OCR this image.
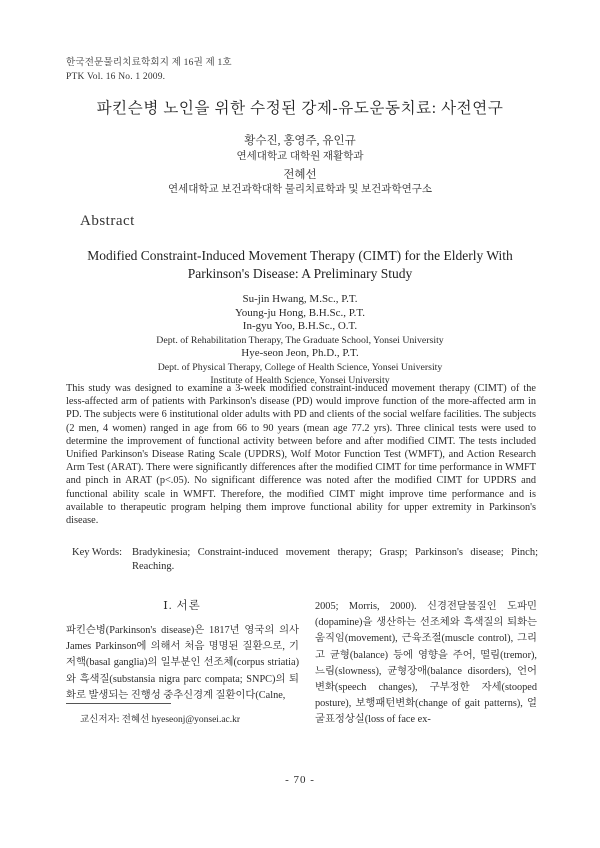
한국전문물리치료학회지 제 16권 제 1호
PTK Vol. 16 No. 1 2009.
파킨슨병 노인을 위한 수정된 강제-유도운동치료: 사전연구
황수진, 홍영주, 유인규
연세대학교 대학원 재활학과
전혜선
연세대학교 보건과학대학 물리치료학과 및 보건과학연구소
Abstract
Modified Constraint-Induced Movement Therapy (CIMT) for the Elderly With
Parkinson's Disease: A Preliminary Study
Su-jin Hwang, M.Sc., P.T.
Young-ju Hong, B.H.Sc., P.T.
In-gyu Yoo, B.H.Sc., O.T.
Dept. of Rehabilitation Therapy, The Graduate School, Yonsei University
Hye-seon Jeon, Ph.D., P.T.
Dept. of Physical Therapy, College of Health Science, Yonsei University
Institute of Health Science, Yonsei University
This study was designed to examine a 3-week modified constraint-induced movement therapy (CIMT) of the less-affected arm of patients with Parkinson's disease (PD) would improve function of the more-affected arm in PD. The subjects were 6 institutional older adults with PD and clients of the social welfare facilities. The subjects (2 men, 4 women) ranged in age from 66 to 90 years (mean age 77.2 yrs). Three clinical tests were used to determine the improvement of functional activity between before and after modified CIMT. The tests included Unified Parkinson's Disease Rating Scale (UPDRS), Wolf Motor Function Test (WMFT), and Action Research Arm Test (ARAT). There were significantly differences after the modified CIMT for time performance in WMFT and pinch in ARAT (p<.05). No significant difference was noted after the modified CIMT for UPDRS and functional ability scale in WMFT. Therefore, the modified CIMT might improve time performance and is available to therapeutic program helping them improve functional ability for upper extremity in Parkinson's disease.
Key Words: Bradykinesia; Constraint-induced movement therapy; Grasp; Parkinson's disease; Pinch; Reaching.
Ⅰ. 서론
파킨슨병(Parkinson's disease)은 1817년 영국의 의사 James Parkinson에 의해서 처음 명명된 질환으로, 기저핵(basal ganglia)의 일부분인 선조체(corpus striatia)와 흑색질(substansia nigra parc compata; SNPC)의 퇴화로 발생되는 진행성 중추신경계 질환이다(Calne,
2005; Morris, 2000). 신경전달물질인 도파민(dopamine)을 생산하는 선조체와 흑색질의 퇴화는 움직임(movement), 근육조절(muscle control), 그리고 균형(balance) 등에 영향을 주어, 떨림(tremor), 느림(slowness), 균형장애(balance disorders), 언어변화(speech changes), 구부정한 자세(stooped posture), 보행패턴변화(change of gait patterns), 얼굴표정상실(loss of face ex-
교신저자: 전혜선 hyeseonj@yonsei.ac.kr
- 70 -
